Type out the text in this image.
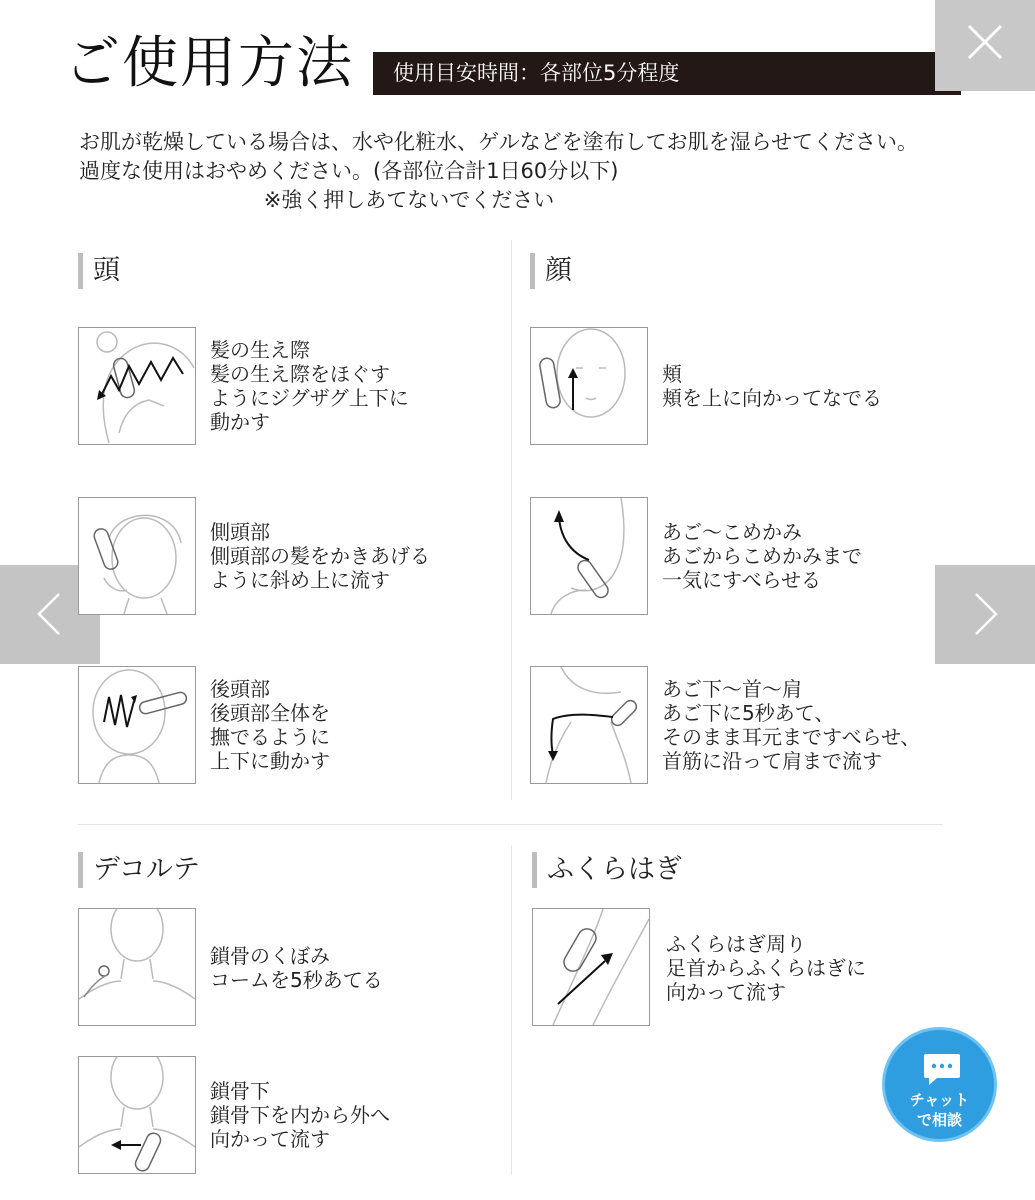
ご使用方法	使用目安時間：各部位5分程度
お肌が乾燥している場合は、水や化粧水、ゲルなどを塗布してお肌を湿らせてください。
過度な使用はおやめください。(各部位合計1日60分以下)
※強く押しあてないでください
頭
髪の生え際
髪の生え際をほぐす
ようにジグザグ上下に
動かす
側頭部
側頭部の髪をかきあげる
ように斜め上に流す
後頭部
後頭部全体を
撫でるように
上下に動かす
顔
頬
頬を上に向かってなでる
あご～こめかみ
あごからこめかみまで
一気にすべらせる
あご下～首～肩
あご下に5秒あて、
そのまま耳元まですべらせ、
首筋に沿って肩まで流す
デコルテ
鎖骨のくぼみ
コームを5秒あてる
鎖骨下
鎖骨下を内から外へ
向かって流す
ふくらはぎ
ふくらはぎ周り
足首からふくらはぎに
向かって流す
チャット
で相談
